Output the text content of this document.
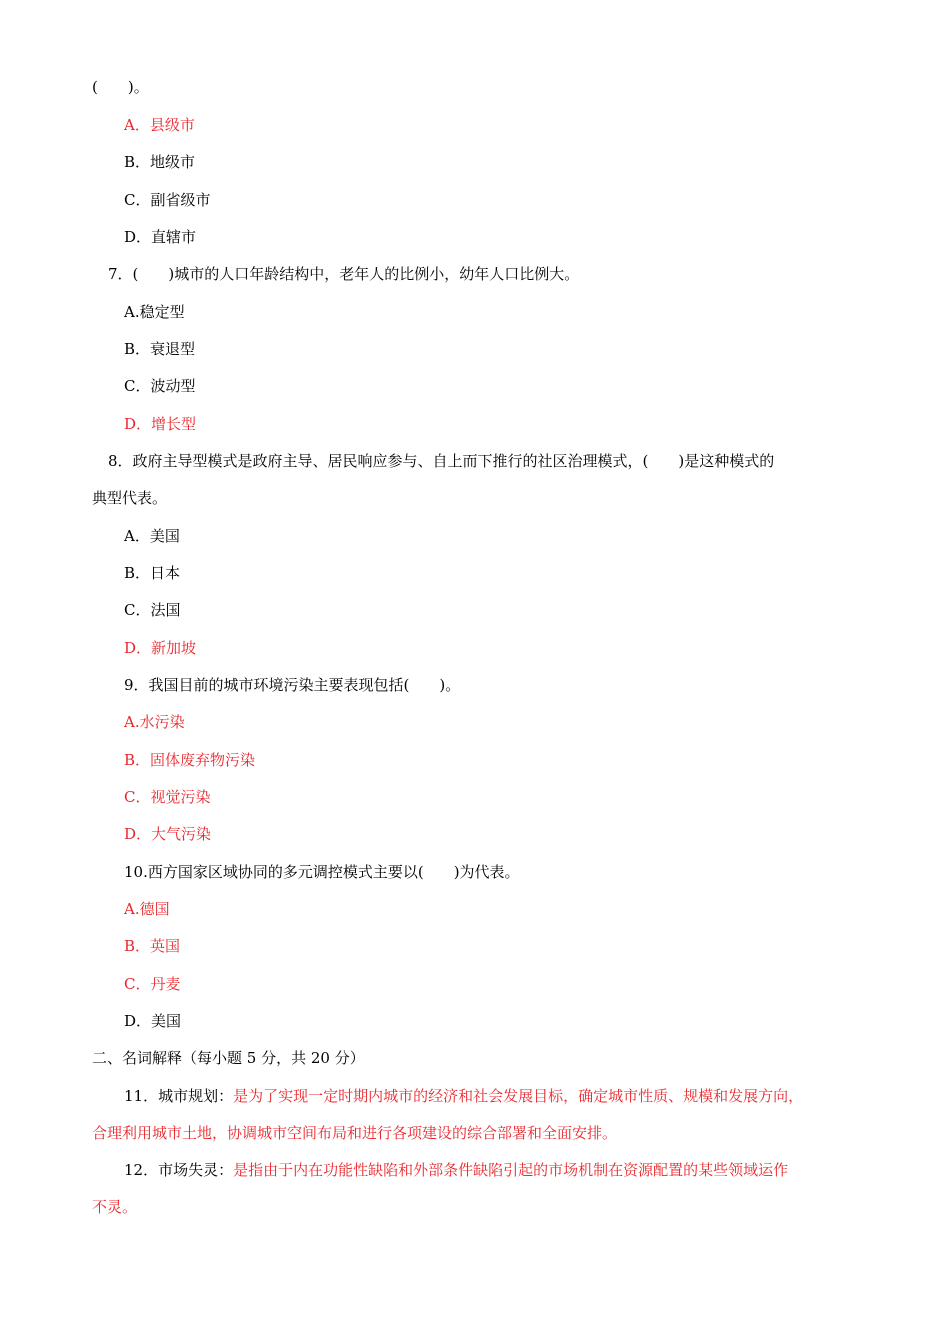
(　　)。
A．县级市
B．地级市
C．副省级市
D．直辖市
7．(　　)城市的人口年龄结构中，老年人的比例小，幼年人口比例大。
A.稳定型
B．衰退型
C．波动型
D．增长型
8．政府主导型模式是政府主导、居民响应参与、自上而下推行的社区治理模式，(　　)是这种模式的
典型代表。
A．美国
B．日本
C．法国
D．新加坡
9．我国目前的城市环境污染主要表现包括(　　)。
A.水污染
B．固体废弃物污染
C．视觉污染
D．大气污染
10.西方国家区域协同的多元调控模式主要以(　　)为代表。
A.德国
B．英国
C．丹麦
D．美国
二、名词解释（每小题 5 分，共 20 分）
11．城市规划：是为了实现一定时期内城市的经济和社会发展目标，确定城市性质、规模和发展方向，
合理利用城市土地，协调城市空间布局和进行各项建设的综合部署和全面安排。
12．市场失灵：是指由于内在功能性缺陷和外部条件缺陷引起的市场机制在资源配置的某些领域运作
不灵。
